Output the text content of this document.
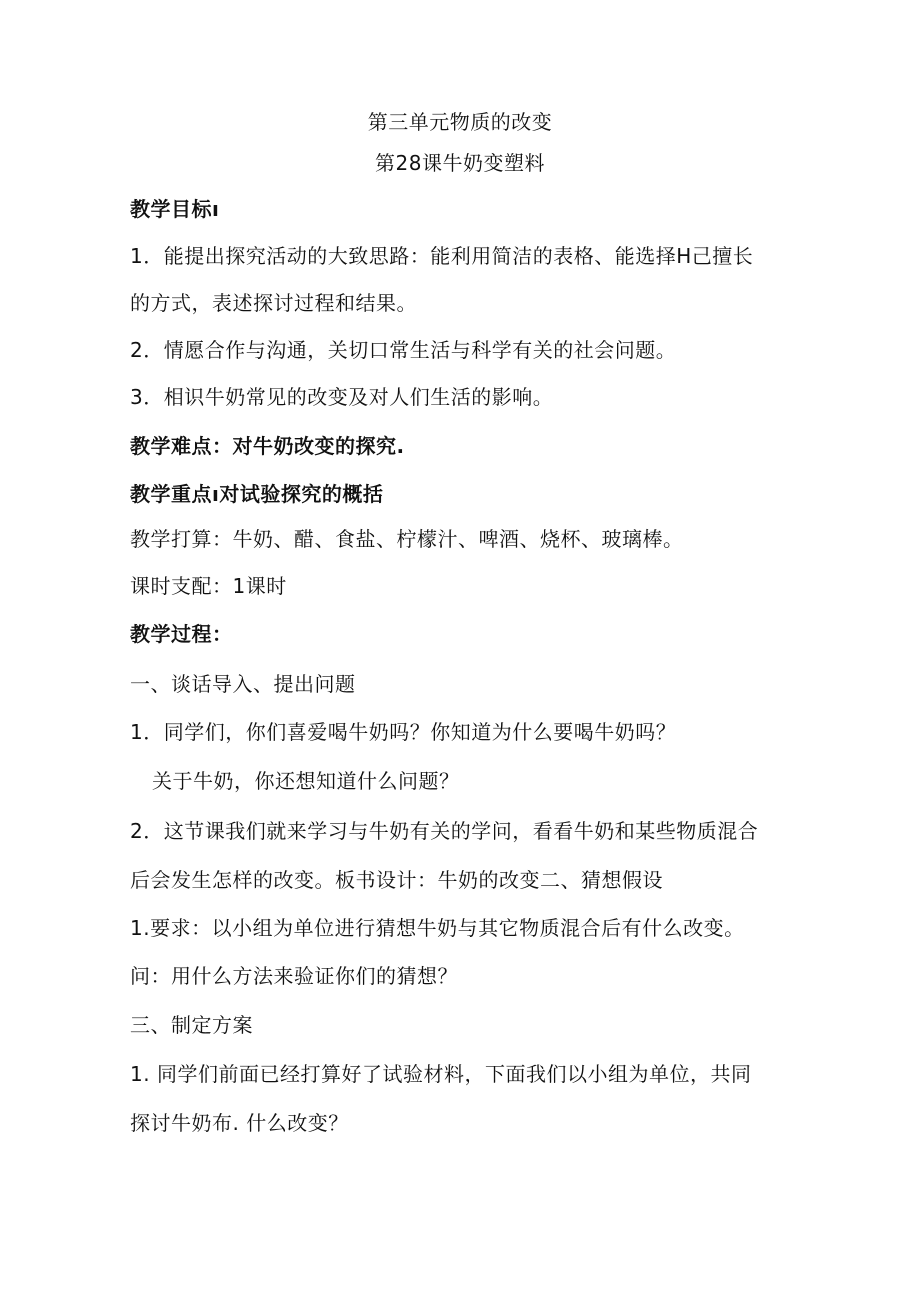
第三单元物质的改变
第28课牛奶变塑料
教学目标ı
1．能提出探究活动的大致思路：能利用简洁的表格、能选择H己擅长
的方式，表述探讨过程和结果。
2．情愿合作与沟通，关切口常生活与科学有关的社会问题。
3．相识牛奶常见的改变及对人们生活的影响。
教学难点：对牛奶改变的探究.
教学重点ı对试验探究的概括
教学打算：牛奶、醋、食盐、柠檬汁、啤酒、烧杯、玻璃棒。
课时支配：1课时
教学过程：
一、谈话导入、提出问题
1．同学们，你们喜爱喝牛奶吗？你知道为什么要喝牛奶吗？
关于牛奶，你还想知道什么问题？
2．这节课我们就来学习与牛奶有关的学问，看看牛奶和某些物质混合
后会发生怎样的改变。板书设计：牛奶的改变二、猜想假设
1.要求：以小组为单位进行猜想牛奶与其它物质混合后有什么改变。
问：用什么方法来验证你们的猜想？
三、制定方案
1. 同学们前面已经打算好了试验材料，下面我们以小组为单位，共同
探讨牛奶布. 什么改变？
